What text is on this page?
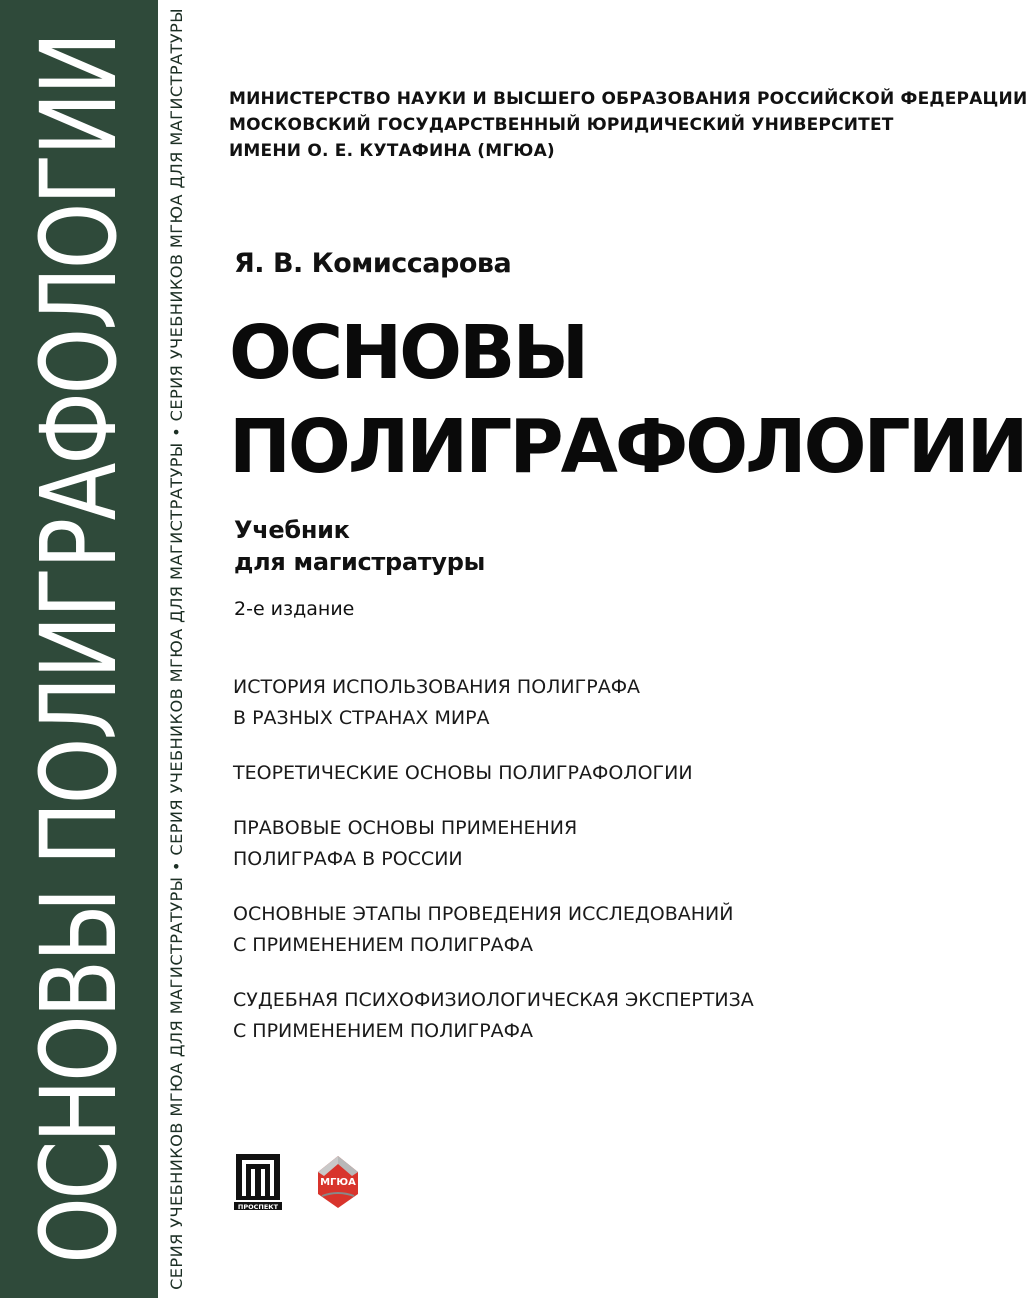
ОСНОВЫ ПОЛИГРАФОЛОГИИ СЕРИЯ УЧЕБНИКОВ МГЮА ДЛЯ МАГИСТРАТУРЫ • СЕРИЯ УЧЕБНИКОВ МГЮА ДЛЯ МАГИСТРАТУРЫ • СЕРИЯ УЧЕБНИКОВ МГЮА ДЛЯ МАГИСТРАТУРЫ	МИНИСТЕРСТВО НАУКИ И ВЫСШЕГО ОБРАЗОВАНИЯ РОССИЙСКОЙ ФЕДЕРАЦИИ
МОСКОВСКИЙ ГОСУДАРСТВЕННЫЙ ЮРИДИЧЕСКИЙ УНИВЕРСИТЕТ
ИМЕНИ О. Е. КУТАФИНА (МГЮА)
Я. В. Комиссарова
ОСНОВЫ
ПОЛИГРАФОЛОГИИ
Учебник
для магистратуры
2-е издание
ИСТОРИЯ ИСПОЛЬЗОВАНИЯ ПОЛИГРАФА
В РАЗНЫХ СТРАНАХ МИРА
ТЕОРЕТИЧЕСКИЕ ОСНОВЫ ПОЛИГРАФОЛОГИИ
ПРАВОВЫЕ ОСНОВЫ ПРИМЕНЕНИЯ
ПОЛИГРАФА В РОССИИ
ОСНОВНЫЕ ЭТАПЫ ПРОВЕДЕНИЯ ИССЛЕДОВАНИЙ
С ПРИМЕНЕНИЕМ ПОЛИГРАФА
СУДЕБНАЯ ПСИХОФИЗИОЛОГИЧЕСКАЯ ЭКСПЕРТИЗА
С ПРИМЕНЕНИЕМ ПОЛИГРАФА
ПРОСПЕКТ
МГЮА
